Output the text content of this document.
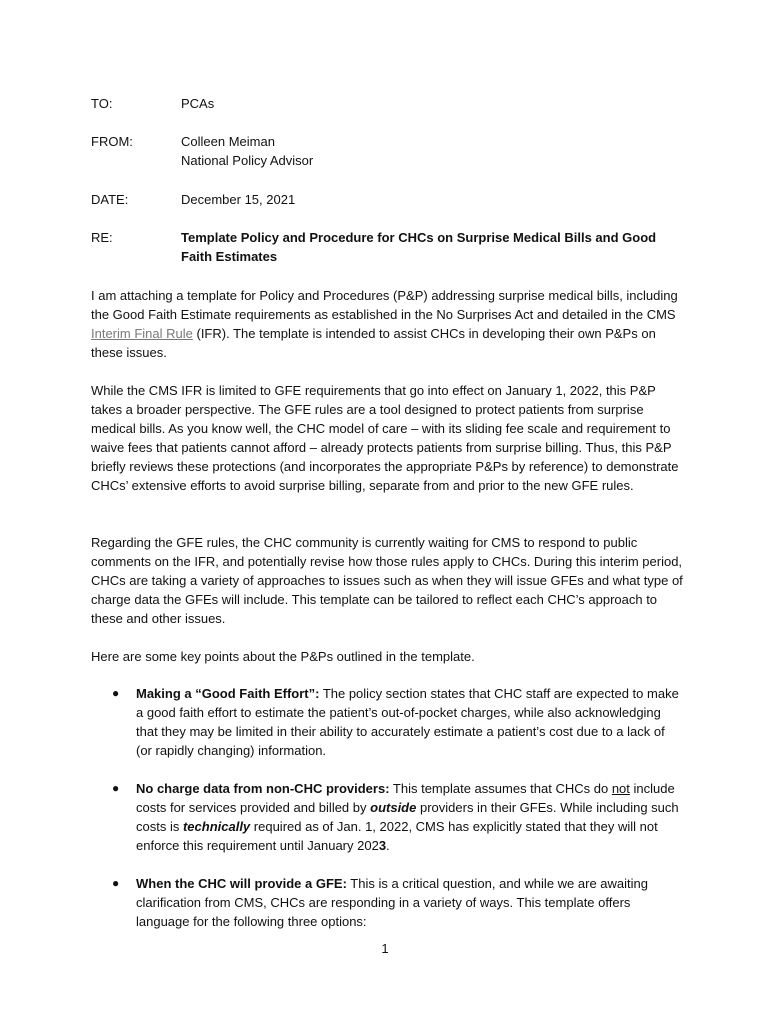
TO:	PCAs
FROM:	Colleen Meiman
National Policy Advisor
DATE:	December 15, 2021
RE:	Template Policy and Procedure for CHCs on Surprise Medical Bills and Good Faith Estimates

I am attaching a template for Policy and Procedures (P&P) addressing surprise medical bills, including the Good Faith Estimate requirements as established in the No Surprises Act and detailed in the CMS Interim Final Rule (IFR). The template is intended to assist CHCs in developing their own P&Ps on these issues.

While the CMS IFR is limited to GFE requirements that go into effect on January 1, 2022, this P&P takes a broader perspective. The GFE rules are a tool designed to protect patients from surprise medical bills. As you know well, the CHC model of care – with its sliding fee scale and requirement to waive fees that patients cannot afford – already protects patients from surprise billing. Thus, this P&P briefly reviews these protections (and incorporates the appropriate P&Ps by reference) to demonstrate CHCs’ extensive efforts to avoid surprise billing, separate from and prior to the new GFE rules.

Regarding the GFE rules, the CHC community is currently waiting for CMS to respond to public comments on the IFR, and potentially revise how those rules apply to CHCs. During this interim period, CHCs are taking a variety of approaches to issues such as when they will issue GFEs and what type of charge data the GFEs will include. This template can be tailored to reflect each CHC’s approach to these and other issues.

Here are some key points about the P&Ps outlined in the template.

●	Making a “Good Faith Effort”: The policy section states that CHC staff are expected to make a good faith effort to estimate the patient’s out-of-pocket charges, while also acknowledging that they may be limited in their ability to accurately estimate a patient’s cost due to a lack of (or rapidly changing) information.
●	No charge data from non-CHC providers: This template assumes that CHCs do not include costs for services provided and billed by outside providers in their GFEs. While including such costs is technically required as of Jan. 1, 2022, CMS has explicitly stated that they will not enforce this requirement until January 2023.
●	When the CHC will provide a GFE: This is a critical question, and while we are awaiting clarification from CMS, CHCs are responding in a variety of ways. This template offers language for the following three options:
1
